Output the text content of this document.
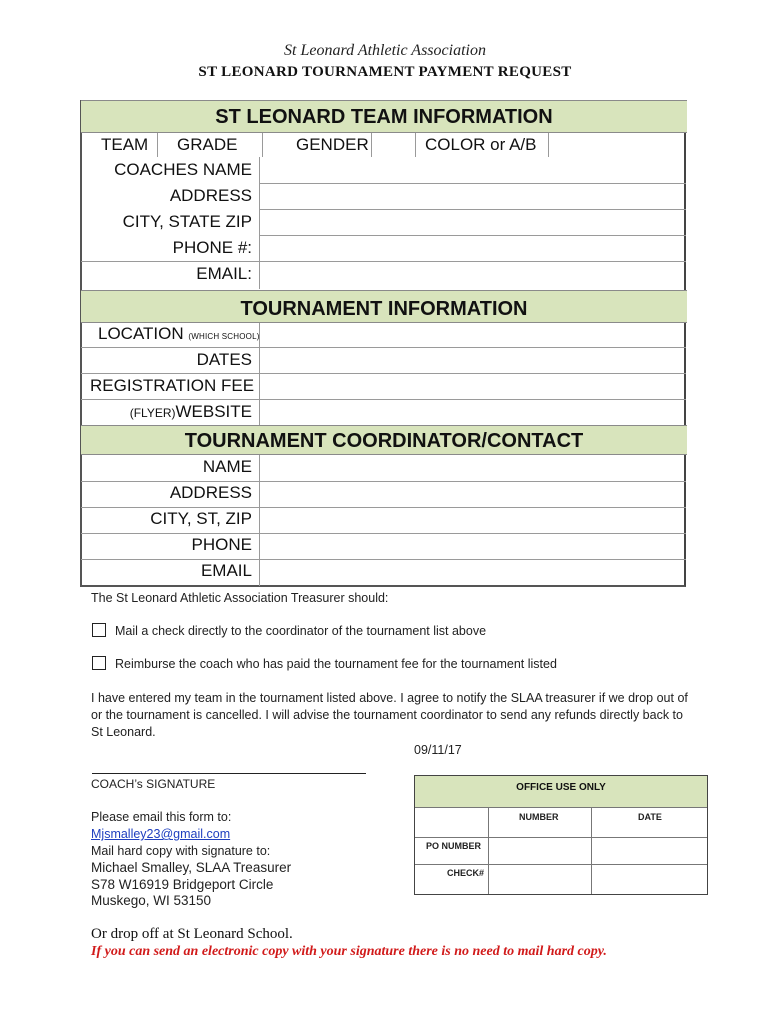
St Leonard Athletic Association
ST LEONARD TOURNAMENT PAYMENT REQUEST
ST LEONARD TEAM INFORMATION
TEAM GRADE	GENDER	COLOR or A/B
COACHES NAME
ADDRESS
CITY, STATE ZIP
PHONE #:
EMAIL:
TOURNAMENT INFORMATION
LOCATION (WHICH SCHOOL)
DATES
REGISTRATION FEE
(FLYER)WEBSITE
TOURNAMENT COORDINATOR/CONTACT
NAME
ADDRESS
CITY, ST, ZIP
PHONE
EMAIL
The St Leonard Athletic Association Treasurer should:
Mail a check directly to the coordinator of the tournament list above
Reimburse the coach who has paid the tournament fee for the tournament listed
I have entered my team in the tournament listed above. I agree to notify the SLAA treasurer if we drop out of or the tournament is cancelled. I will advise the tournament coordinator to send any refunds directly back to St Leonard.
09/11/17
COACH’s SIGNATURE
Please email this form to:
Mjsmalley23@gmail.com
Mail hard copy with signature to:
Michael Smalley, SLAA Treasurer
S78 W16919 Bridgeport Circle
Muskego, WI 53150
OFFICE USE ONLY
NUMBER	DATE
PO NUMBER
CHECK#
Or drop off at St Leonard School.
If you can send an electronic copy with your signature there is no need to mail hard copy.
